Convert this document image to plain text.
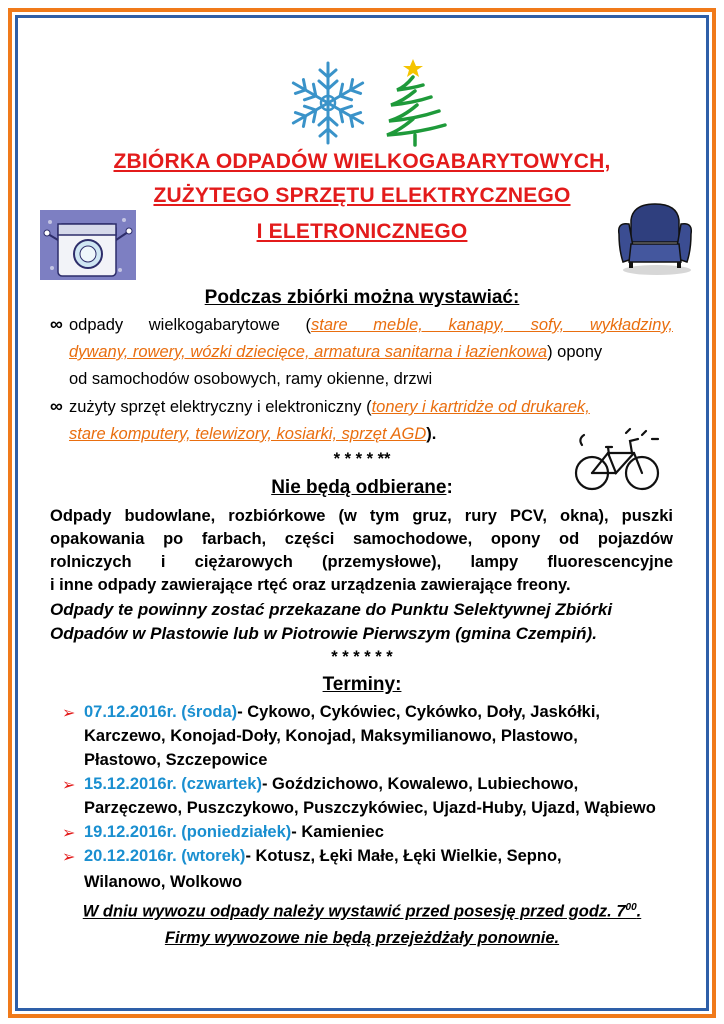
ZBIÓRKA ODPADÓW WIELKOGABARYTOWYCH,
ZUŻYTEGO SPRZĘTU ELEKTRYCZNEGO
I ELETRONICZNEGO
Podczas zbiórki można wystawiać:
∞ odpady wielkogabarytowe (stare meble, kanapy, sofy, wykładziny,
dywany, rowery, wózki dziecięce, armatura sanitarna i łazienkowa) opony
od samochodów osobowych, ramy okienne, drzwi
∞ zużyty sprzęt elektryczny i elektroniczny (tonery i kartridże od drukarek,
stare komputery, telewizory, kosiarki, sprzęt AGD).
* * * * **
Nie będą odbierane:
Odpady budowlane, rozbiórkowe (w tym gruz, rury PCV, okna), puszki
opakowania po farbach, części samochodowe, opony od pojazdów
rolniczych i ciężarowych (przemysłowe), lampy fluorescencyjne
i inne odpady zawierające rtęć oraz urządzenia zawierające freony.
Odpady te powinny zostać przekazane do Punktu Selektywnej Zbiórki
Odpadów w Plastowie lub w Piotrowie Pierwszym (gmina Czempiń).
* * * * * *
Terminy:
➢ 07.12.2016r. (środa)- Cykowo, Cykówiec, Cykówko, Doły, Jaskółki,
Karczewo, Konojad-Doły, Konojad, Maksymilianowo, Plastowo,
Płastowo, Szczepowice
➢ 15.12.2016r. (czwartek)- Goździchowo, Kowalewo, Lubiechowo,
Parzęczewo, Puszczykowo, Puszczykówiec, Ujazd-Huby, Ujazd, Wąbiewo
➢ 19.12.2016r. (poniedziałek)- Kamieniec
➢ 20.12.2016r. (wtorek)- Kotusz, Łęki Małe, Łęki Wielkie, Sepno,
Wilanowo, Wolkowo
W dniu wywozu odpady należy wystawić przed posesję przed godz. $7^{00}$.
Firmy wywozowe nie będą przejeżdżały ponownie.
